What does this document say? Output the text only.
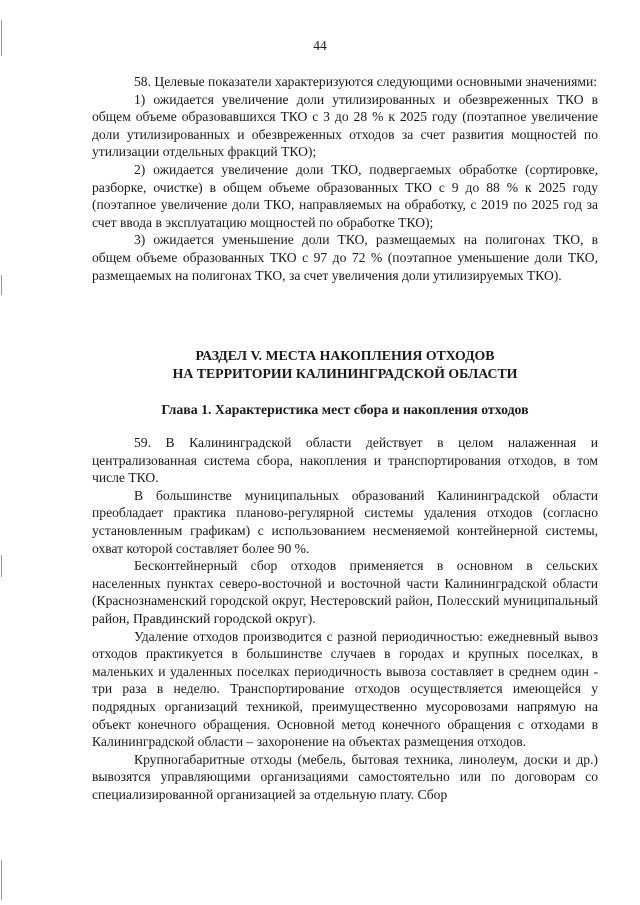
44

58. Целевые показатели характеризуются следующими основными значениями:

1) ожидается увеличение доли утилизированных и обезвреженных ТКО в общем объеме образовавшихся ТКО с 3 до 28 % к 2025 году (поэтапное увеличение доли утилизированных и обезвреженных отходов за счет развития мощностей по утилизации отдельных фракций ТКО);

2) ожидается увеличение доли ТКО, подвергаемых обработке (сортировке, разборке, очистке) в общем объеме образованных ТКО с 9 до 88 % к 2025 году (поэтапное увеличение доли ТКО, направляемых на обработку, с 2019 по 2025 год за счет ввода в эксплуатацию мощностей по обработке ТКО);

3) ожидается уменьшение доли ТКО, размещаемых на полигонах ТКО, в общем объеме образованных ТКО с 97 до 72 % (поэтапное уменьшение доли ТКО, размещаемых на полигонах ТКО, за счет увеличения доли утилизируемых ТКО).

РАЗДЕЛ V. МЕСТА НАКОПЛЕНИЯ ОТХОДОВ
НА ТЕРРИТОРИИ КАЛИНИНГРАДСКОЙ ОБЛАСТИ
Глава 1. Характеристика мест сбора и накопления отходов

59. В Калининградской области действует в целом налаженная и централизованная система сбора, накопления и транспортирования отходов, в том числе ТКО.

В большинстве муниципальных образований Калининградской области преобладает практика планово-регулярной системы удаления отходов (согласно установленным графикам) с использованием несменяемой контейнерной системы, охват которой составляет более 90 %.

Бесконтейнерный сбор отходов применяется в основном в сельских населенных пунктах северо-восточной и восточной части Калининградской области (Краснознаменский городской округ, Нестеровский район, Полесский муниципальный район, Правдинский городской округ).

Удаление отходов производится с разной периодичностью: ежедневный вывоз отходов практикуется в большинстве случаев в городах и крупных поселках, в маленьких и удаленных поселках периодичность вывоза составляет в среднем один - три раза в неделю. Транспортирование отходов осуществляется имеющейся у подрядных организаций техникой, преимущественно мусоровозами напрямую на объект конечного обращения. Основной метод конечного обращения с отходами в Калининградской области – захоронение на объектах размещения отходов.

Крупногабаритные отходы (мебель, бытовая техника, линолеум, доски и др.) вывозятся управляющими организациями самостоятельно или по договорам со специализированной организацией за отдельную плату. Сбор
